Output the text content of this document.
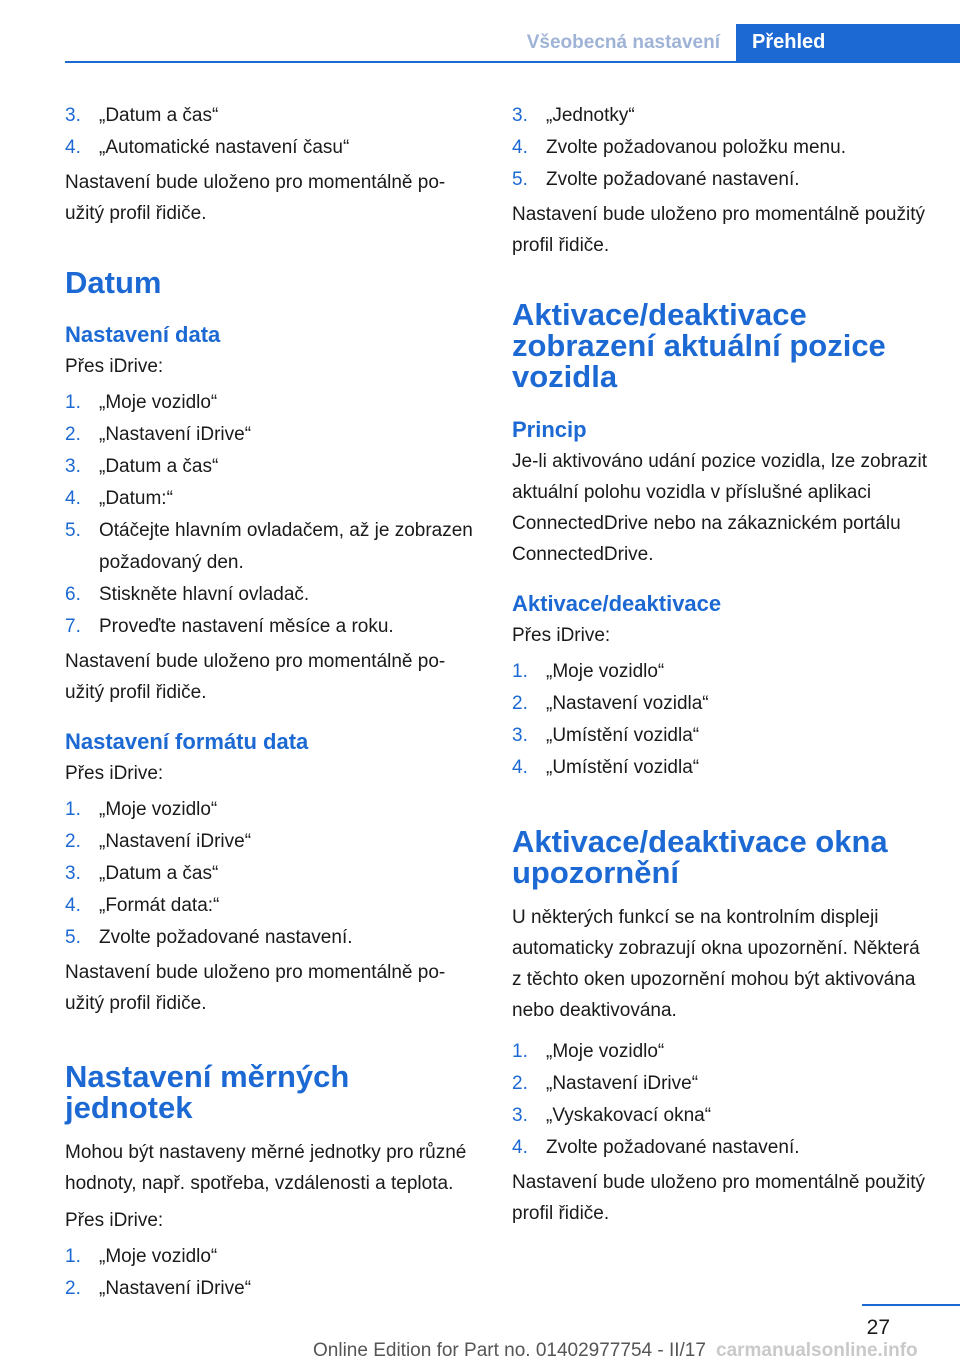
Všeobecná nastavení	Přehled
3. „Datum a čas“
4. „Automatické nastavení času“

Nastavení bude uloženo pro momentálně použitý profil řidiče.

Datum
Nastavení data

Přes iDrive:

1. „Moje vozidlo“
2. „Nastavení iDrive“
3. „Datum a čas“
4. „Datum:“
5. Otáčejte hlavním ovladačem, až je zobrazen požadovaný den.
6. Stiskněte hlavní ovladač.
7. Proveďte nastavení měsíce a roku.

Nastavení bude uloženo pro momentálně použitý profil řidiče.

Nastavení formátu data

Přes iDrive:

1. „Moje vozidlo“
2. „Nastavení iDrive“
3. „Datum a čas“
4. „Formát data:“
5. Zvolte požadované nastavení.

Nastavení bude uloženo pro momentálně použitý profil řidiče.

Nastavení měrných jednotek

Mohou být nastaveny měrné jednotky pro různé hodnoty, např. spotřeba, vzdálenosti a teplota.

Přes iDrive:

1. „Moje vozidlo“
2. „Nastavení iDrive“
3. „Jednotky“
4. Zvolte požadovanou položku menu.
5. Zvolte požadované nastavení.

Nastavení bude uloženo pro momentálně použitý profil řidiče.

Aktivace/deaktivace zobrazení aktuální pozice vozidla
Princip

Je-li aktivováno udání pozice vozidla, lze zobrazit aktuální polohu vozidla v příslušné aplikaci ConnectedDrive nebo na zákaznickém portálu ConnectedDrive.

Aktivace/deaktivace

Přes iDrive:

1. „Moje vozidlo“
2. „Nastavení vozidla“
3. „Umístění vozidla“
4. „Umístění vozidla“
Aktivace/deaktivace okna upozornění

U některých funkcí se na kontrolním displeji automaticky zobrazují okna upozornění. Některá z těchto oken upozornění mohou být aktivována nebo deaktivována.

1. „Moje vozidlo“
2. „Nastavení iDrive“
3. „Vyskakovací okna“
4. Zvolte požadované nastavení.

Nastavení bude uloženo pro momentálně použitý profil řidiče.

27
Online Edition for Part no. 01402977754 - II/17 carmanualsonline.info
